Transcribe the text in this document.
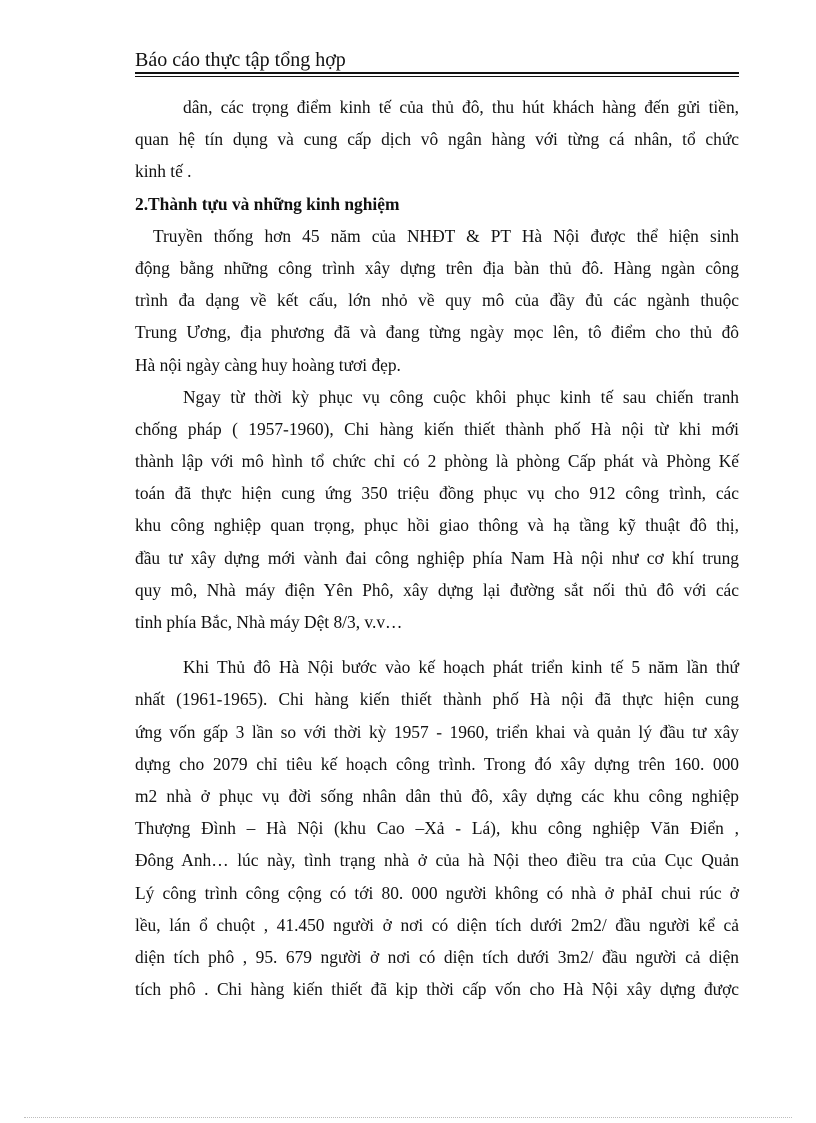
Báo cáo thực tập tổng hợp
dân, các trọng điểm kinh tế của thủ đô, thu hút khách hàng đến gửi tiền,
quan hệ tín dụng và cung cấp dịch vô ngân hàng với từng cá nhân, tổ chức
kinh tế .
2.Thành tựu và những kinh nghiệm
Truyền thống hơn 45 năm của NHĐT & PT Hà Nội được thể hiện sinh
động bằng những công trình xây dựng trên địa bàn thủ đô. Hàng ngàn công
trình đa dạng về kết cấu, lớn nhỏ về quy mô của đầy đủ các ngành thuộc
Trung Ương, địa phương đã và đang từng ngày mọc lên, tô điểm cho thủ đô
Hà nội ngày càng huy hoàng tươi đẹp.
Ngay từ thời kỳ phục vụ công cuộc khôi phục kinh tế sau chiến tranh
chống pháp ( 1957-1960), Chi hàng kiến thiết thành phố Hà nội từ khi mới
thành lập với mô hình tổ chức chỉ có 2 phòng là phòng Cấp phát và Phòng Kế
toán đã thực hiện cung ứng 350 triệu đồng phục vụ cho 912 công trình, các
khu công nghiệp quan trọng, phục hồi giao thông và hạ tầng kỹ thuật đô thị,
đầu tư xây dựng mới vành đai công nghiệp phía Nam Hà nội như cơ khí trung
quy mô, Nhà máy điện Yên Phô, xây dựng lại đường sắt nối thủ đô với các
tỉnh phía Bắc, Nhà máy Dệt 8/3, v.v…
Khi Thủ đô Hà Nội bước vào kế hoạch phát triển kinh tế 5 năm lần thứ
nhất (1961-1965). Chi hàng kiến thiết thành phố Hà nội đã thực hiện cung
ứng vốn gấp 3 lần so với thời kỳ 1957 - 1960, triển khai và quản lý đầu tư xây
dựng cho 2079 chỉ tiêu kế hoạch công trình. Trong đó xây dựng trên 160. 000
m2 nhà ở phục vụ đời sống nhân dân thủ đô, xây dựng các khu công nghiệp
Thượng Đình – Hà Nội (khu Cao –Xả - Lá), khu công nghiệp Văn Điển ,
Đông Anh… lúc này, tình trạng nhà ở của hà Nội theo điều tra của Cục Quản
Lý công trình công cộng có tới 80. 000 người không có nhà ở phảI chui rúc ở
lều, lán ổ chuột , 41.450 người ở nơi có diện tích dưới 2m2/ đầu người kể cả
diện tích phô , 95. 679 người ở nơi có diện tích dưới 3m2/ đầu người cả diện
tích phô . Chi hàng kiến thiết đã kịp thời cấp vốn cho Hà Nội xây dựng được
